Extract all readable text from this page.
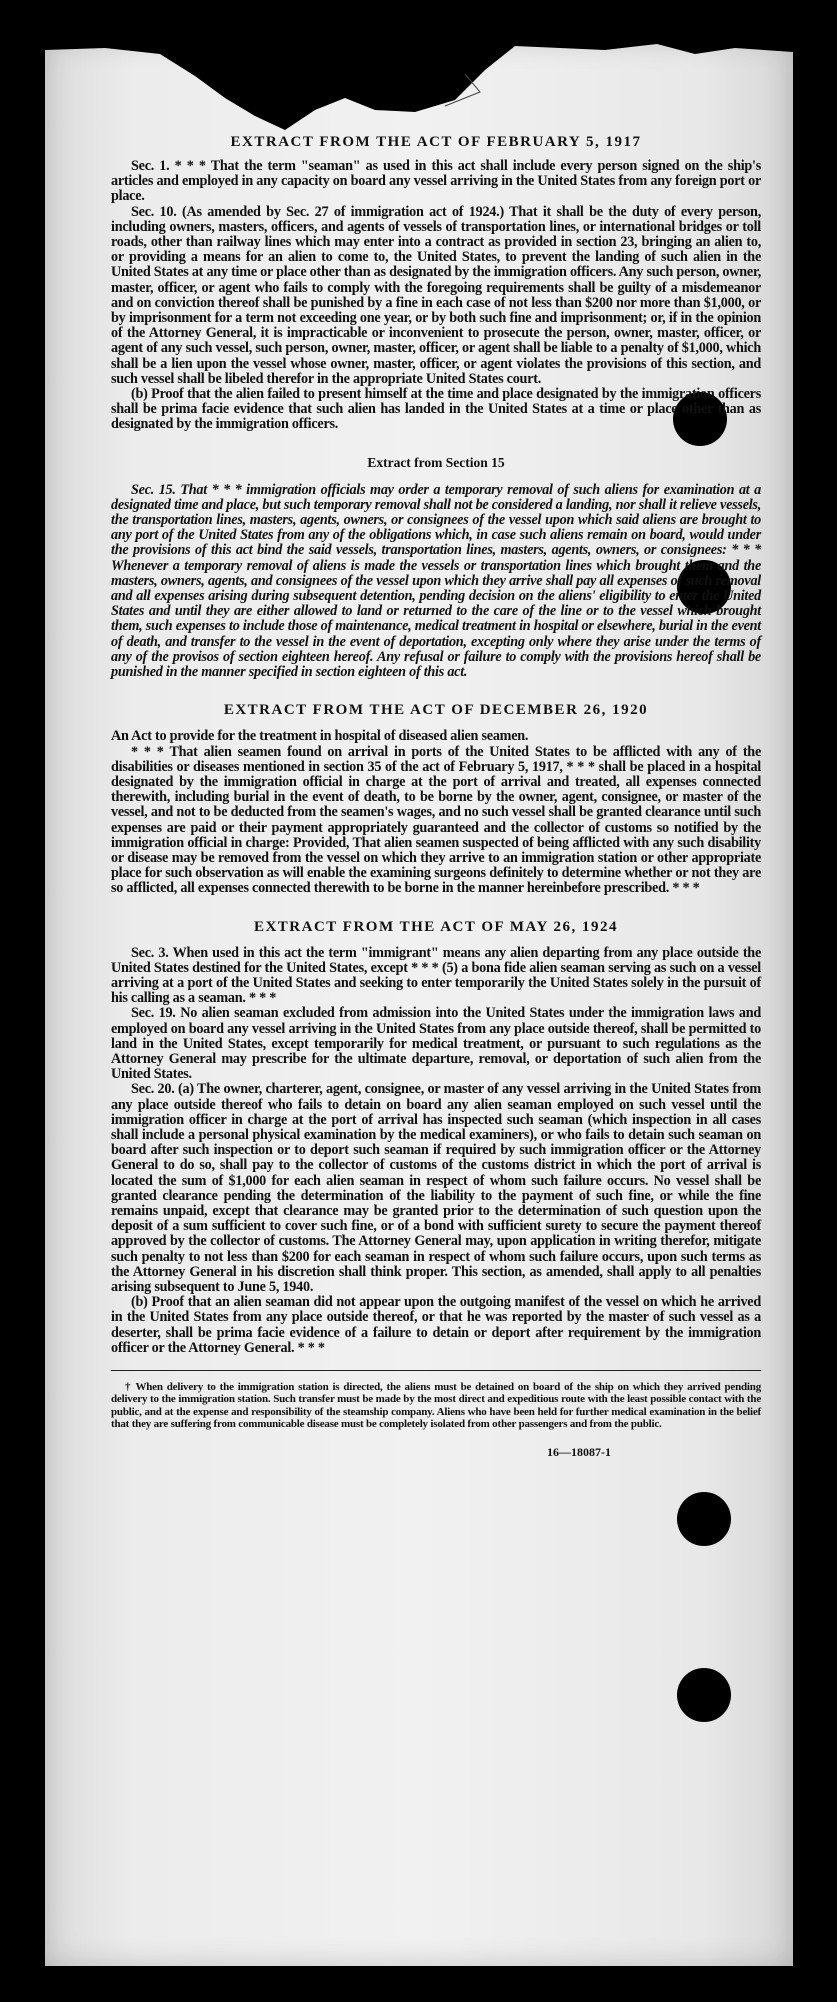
EXTRACT FROM THE ACT OF FEBRUARY 5, 1917

Sec. 1. * * * That the term "seaman" as used in this act shall include every person signed on the ship's articles and employed in any capacity on board any vessel arriving in the United States from any foreign port or place.

Sec. 10. (As amended by Sec. 27 of immigration act of 1924.) That it shall be the duty of every person, including owners, masters, officers, and agents of vessels of transportation lines, or international bridges or toll roads, other than railway lines which may enter into a contract as provided in section 23, bringing an alien to, or providing a means for an alien to come to, the United States, to prevent the landing of such alien in the United States at any time or place other than as designated by the immigration officers. Any such person, owner, master, officer, or agent who fails to comply with the foregoing requirements shall be guilty of a misdemeanor and on conviction thereof shall be punished by a fine in each case of not less than $200 nor more than $1,000, or by imprisonment for a term not exceeding one year, or by both such fine and imprisonment; or, if in the opinion of the Attorney General, it is impracticable or inconvenient to prosecute the person, owner, master, officer, or agent of any such vessel, such person, owner, master, officer, or agent shall be liable to a penalty of $1,000, which shall be a lien upon the vessel whose owner, master, officer, or agent violates the provisions of this section, and such vessel shall be libeled therefor in the appropriate United States court.

(b) Proof that the alien failed to present himself at the time and place designated by the immigration officers shall be prima facie evidence that such alien has landed in the United States at a time or place other than as designated by the immigration officers.

Extract from Section 15

Sec. 15. That * * * immigration officials may order a temporary removal of such aliens for examination at a designated time and place, but such temporary removal shall not be considered a landing, nor shall it relieve vessels, the transportation lines, masters, agents, owners, or consignees of the vessel upon which said aliens are brought to any port of the United States from any of the obligations which, in case such aliens remain on board, would under the provisions of this act bind the said vessels, transportation lines, masters, agents, owners, or consignees: * * * Whenever a temporary removal of aliens is made the vessels or transportation lines which brought them and the masters, owners, agents, and consignees of the vessel upon which they arrive shall pay all expenses of such removal and all expenses arising during subsequent detention, pending decision on the aliens' eligibility to enter the United States and until they are either allowed to land or returned to the care of the line or to the vessel which brought them, such expenses to include those of maintenance, medical treatment in hospital or elsewhere, burial in the event of death, and transfer to the vessel in the event of deportation, excepting only where they arise under the terms of any of the provisos of section eighteen hereof. Any refusal or failure to comply with the provisions hereof shall be punished in the manner specified in section eighteen of this act.

EXTRACT FROM THE ACT OF DECEMBER 26, 1920

An Act to provide for the treatment in hospital of diseased alien seamen.

* * * That alien seamen found on arrival in ports of the United States to be afflicted with any of the disabilities or diseases mentioned in section 35 of the act of February 5, 1917, * * * shall be placed in a hospital designated by the immigration official in charge at the port of arrival and treated, all expenses connected therewith, including burial in the event of death, to be borne by the owner, agent, consignee, or master of the vessel, and not to be deducted from the seamen's wages, and no such vessel shall be granted clearance until such expenses are paid or their payment appropriately guaranteed and the collector of customs so notified by the immigration official in charge: Provided, That alien seamen suspected of being afflicted with any such disability or disease may be removed from the vessel on which they arrive to an immigration station or other appropriate place for such observation as will enable the examining surgeons definitely to determine whether or not they are so afflicted, all expenses connected therewith to be borne in the manner hereinbefore prescribed. * * *

EXTRACT FROM THE ACT OF MAY 26, 1924

Sec. 3. When used in this act the term "immigrant" means any alien departing from any place outside the United States destined for the United States, except * * * (5) a bona fide alien seaman serving as such on a vessel arriving at a port of the United States and seeking to enter temporarily the United States solely in the pursuit of his calling as a seaman. * * *

Sec. 19. No alien seaman excluded from admission into the United States under the immigration laws and employed on board any vessel arriving in the United States from any place outside thereof, shall be permitted to land in the United States, except temporarily for medical treatment, or pursuant to such regulations as the Attorney General may prescribe for the ultimate departure, removal, or deportation of such alien from the United States.

Sec. 20. (a) The owner, charterer, agent, consignee, or master of any vessel arriving in the United States from any place outside thereof who fails to detain on board any alien seaman employed on such vessel until the immigration officer in charge at the port of arrival has inspected such seaman (which inspection in all cases shall include a personal physical examination by the medical examiners), or who fails to detain such seaman on board after such inspection or to deport such seaman if required by such immigration officer or the Attorney General to do so, shall pay to the collector of customs of the customs district in which the port of arrival is located the sum of $1,000 for each alien seaman in respect of whom such failure occurs. No vessel shall be granted clearance pending the determination of the liability to the payment of such fine, or while the fine remains unpaid, except that clearance may be granted prior to the determination of such question upon the deposit of a sum sufficient to cover such fine, or of a bond with sufficient surety to secure the payment thereof approved by the collector of customs. The Attorney General may, upon application in writing therefor, mitigate such penalty to not less than $200 for each seaman in respect of whom such failure occurs, upon such terms as the Attorney General in his discretion shall think proper. This section, as amended, shall apply to all penalties arising subsequent to June 5, 1940.

(b) Proof that an alien seaman did not appear upon the outgoing manifest of the vessel on which he arrived in the United States from any place outside thereof, or that he was reported by the master of such vessel as a deserter, shall be prima facie evidence of a failure to detain or deport after requirement by the immigration officer or the Attorney General. * * *

† When delivery to the immigration station is directed, the aliens must be detained on board of the ship on which they arrived pending delivery to the immigration station. Such transfer must be made by the most direct and expeditious route with the least possible contact with the public, and at the expense and responsibility of the steamship company. Aliens who have been held for further medical examination in the belief that they are suffering from communicable disease must be completely isolated from other passengers and from the public.

16—18087-1
